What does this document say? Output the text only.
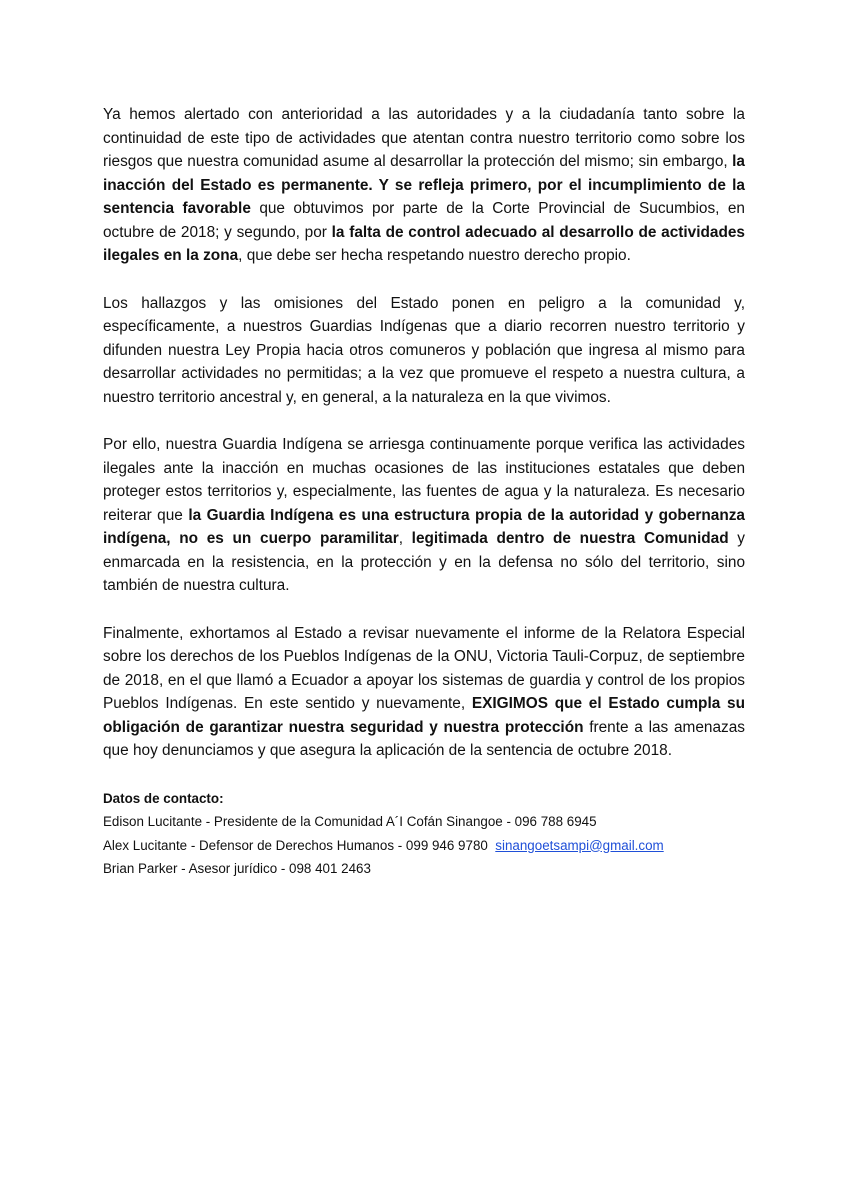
Ya hemos alertado con anterioridad a las autoridades y a la ciudadanía tanto sobre la continuidad de este tipo de actividades que atentan contra nuestro territorio como sobre los riesgos que nuestra comunidad asume al desarrollar la protección del mismo; sin embargo, la inacción del Estado es permanente. Y se refleja primero, por el incumplimiento de la sentencia favorable que obtuvimos por parte de la Corte Provincial de Sucumbios, en octubre de 2018; y segundo, por la falta de control adecuado al desarrollo de actividades ilegales en la zona, que debe ser hecha respetando nuestro derecho propio.

Los hallazgos y las omisiones del Estado ponen en peligro a la comunidad y, específicamente, a nuestros Guardias Indígenas que a diario recorren nuestro territorio y difunden nuestra Ley Propia hacia otros comuneros y población que ingresa al mismo para desarrollar actividades no permitidas; a la vez que promueve el respeto a nuestra cultura, a nuestro territorio ancestral y, en general, a la naturaleza en la que vivimos.

Por ello, nuestra Guardia Indígena se arriesga continuamente porque verifica las actividades ilegales ante la inacción en muchas ocasiones de las instituciones estatales que deben proteger estos territorios y, especialmente, las fuentes de agua y la naturaleza. Es necesario reiterar que la Guardia Indígena es una estructura propia de la autoridad y gobernanza indígena, no es un cuerpo paramilitar, legitimada dentro de nuestra Comunidad y enmarcada en la resistencia, en la protección y en la defensa no sólo del territorio, sino también de nuestra cultura.

Finalmente, exhortamos al Estado a revisar nuevamente el informe de la Relatora Especial sobre los derechos de los Pueblos Indígenas de la ONU, Victoria Tauli-Corpuz, de septiembre de 2018, en el que llamó a Ecuador a apoyar los sistemas de guardia y control de los propios Pueblos Indígenas. En este sentido y nuevamente, EXIGIMOS que el Estado cumpla su obligación de garantizar nuestra seguridad y nuestra protección frente a las amenazas que hoy denunciamos y que asegura la aplicación de la sentencia de octubre 2018.

Datos de contacto:
Edison Lucitante - Presidente de la Comunidad A´I Cofán Sinangoe - 096 788 6945
Alex Lucitante - Defensor de Derechos Humanos - 099 946 9780 sinangoetsampi@gmail.com
Brian Parker - Asesor jurídico - 098 401 2463
